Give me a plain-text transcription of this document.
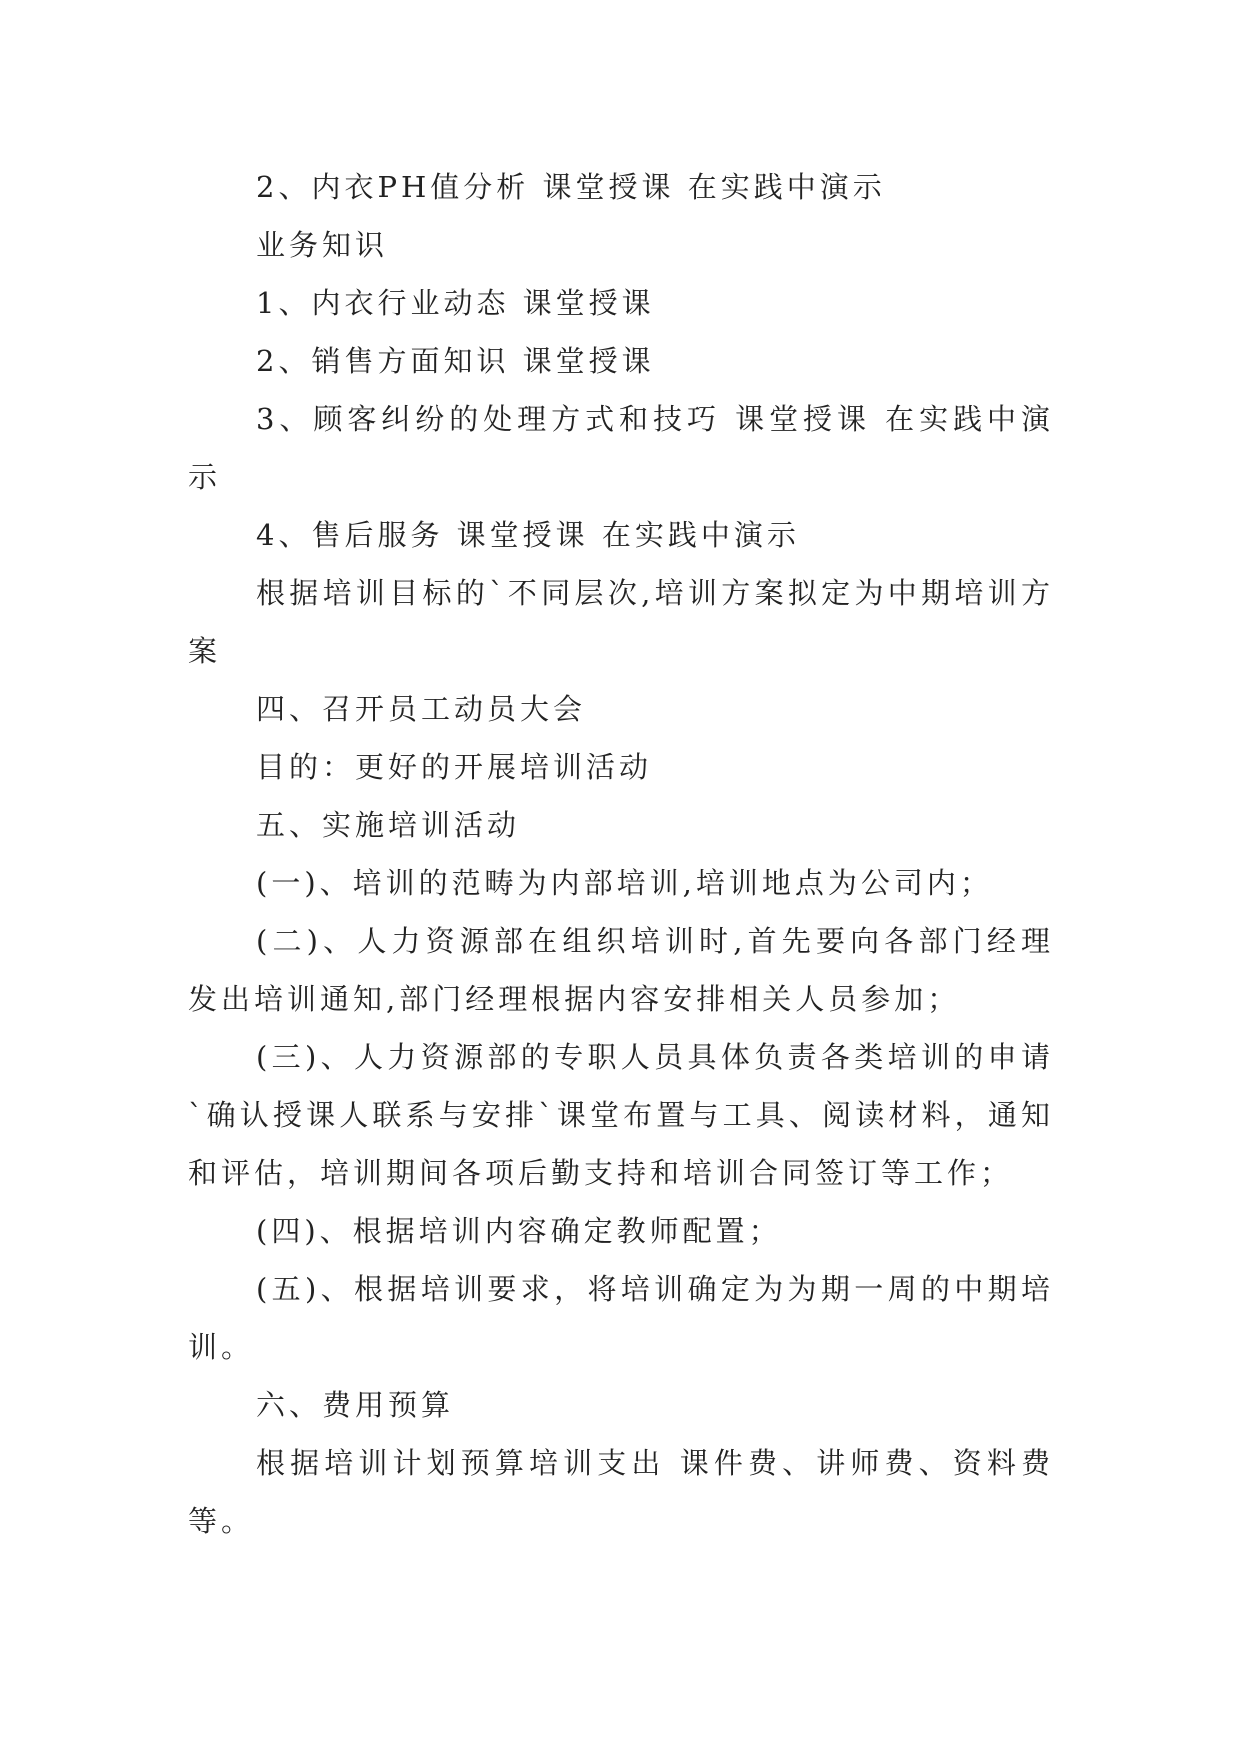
2、内衣PH值分析 课堂授课 在实践中演示

业务知识

1、内衣行业动态 课堂授课

2、销售方面知识 课堂授课

3、顾客纠纷的处理方式和技巧 课堂授课 在实践中演示

4、售后服务 课堂授课 在实践中演示

根据培训目标的`不同层次,培训方案拟定为中期培训方案

四、召开员工动员大会

目的：更好的开展培训活动

五、实施培训活动

(一)、培训的范畴为内部培训,培训地点为公司内；

(二)、人力资源部在组织培训时,首先要向各部门经理发出培训通知,部门经理根据内容安排相关人员参加；

(三)、人力资源部的专职人员具体负责各类培训的申请`确认授课人联系与安排`课堂布置与工具、阅读材料，通知和评估，培训期间各项后勤支持和培训合同签订等工作；

(四)、根据培训内容确定教师配置；

(五)、根据培训要求，将培训确定为为期一周的中期培训。

六、费用预算

根据培训计划预算培训支出 课件费、讲师费、资料费等。
